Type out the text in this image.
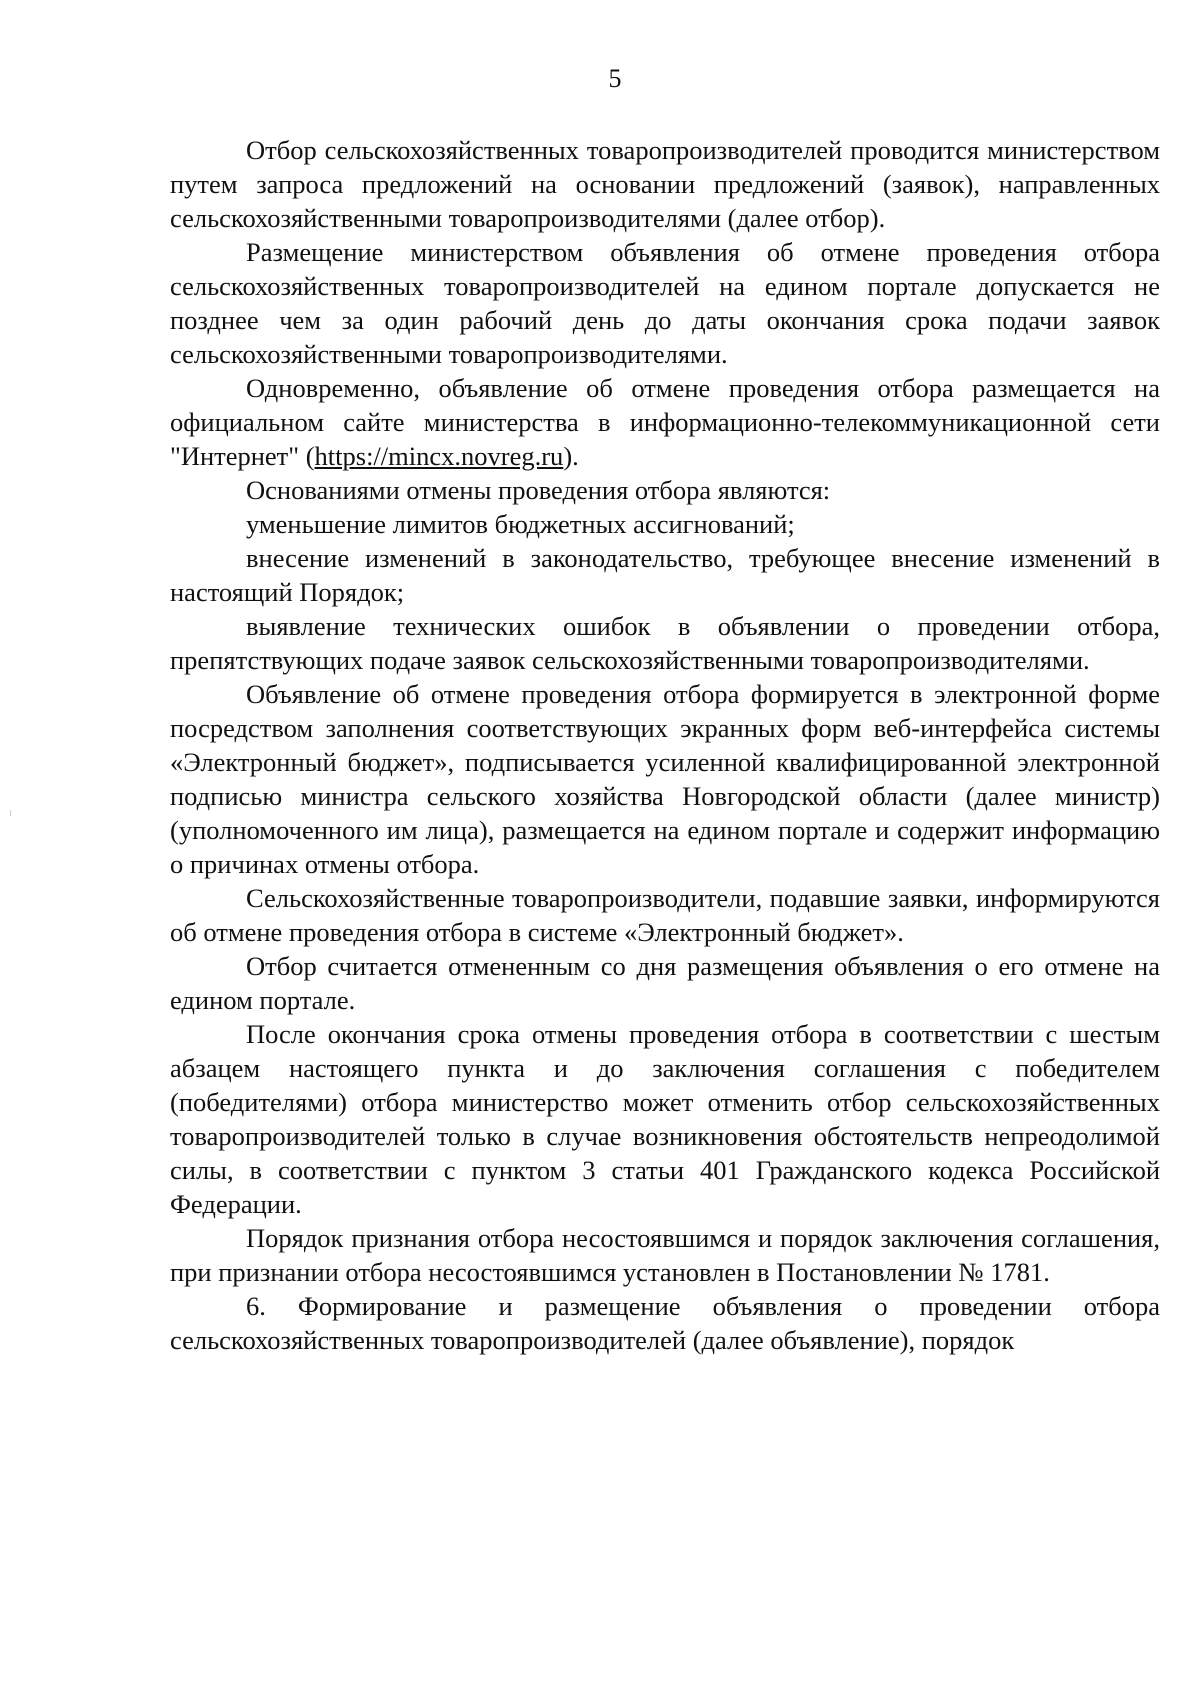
5

Отбор сельскохозяйственных товаропроизводителей проводится министерством путем запроса предложений на основании предложений (заявок), направленных сельскохозяйственными товаропроизводителями (далее отбор).

Размещение министерством объявления об отмене проведения отбора сельскохозяйственных товаропроизводителей на едином портале допускается не позднее чем за один рабочий день до даты окончания срока подачи заявок сельскохозяйственными товаропроизводителями.

Одновременно, объявление об отмене проведения отбора размещается на официальном сайте министерства в информационно-телекоммуникационной сети "Интернет" (https://mincx.novreg.ru).

Основаниями отмены проведения отбора являются:

уменьшение лимитов бюджетных ассигнований;

внесение изменений в законодательство, требующее внесение изменений в настоящий Порядок;

выявление технических ошибок в объявлении о проведении отбора, препятствующих подаче заявок сельскохозяйственными товаропроизводителями.

Объявление об отмене проведения отбора формируется в электронной форме посредством заполнения соответствующих экранных форм веб-интерфейса системы «Электронный бюджет», подписывается усиленной квалифицированной электронной подписью министра сельского хозяйства Новгородской области (далее министр) (уполномоченного им лица), размещается на едином портале и содержит информацию о причинах отмены отбора.

Сельскохозяйственные товаропроизводители, подавшие заявки, информируются об отмене проведения отбора в системе «Электронный бюджет».

Отбор считается отмененным со дня размещения объявления о его отмене на едином портале.

После окончания срока отмены проведения отбора в соответствии с шестым абзацем настоящего пункта и до заключения соглашения с победителем (победителями) отбора министерство может отменить отбор сельскохозяйственных товаропроизводителей только в случае возникновения обстоятельств непреодолимой силы, в соответствии с пунктом 3 статьи 401 Гражданского кодекса Российской Федерации.

Порядок признания отбора несостоявшимся и порядок заключения соглашения, при признании отбора несостоявшимся установлен в Постановлении № 1781.

6. Формирование и размещение объявления о проведении отбора сельскохозяйственных товаропроизводителей (далее объявление), порядок
